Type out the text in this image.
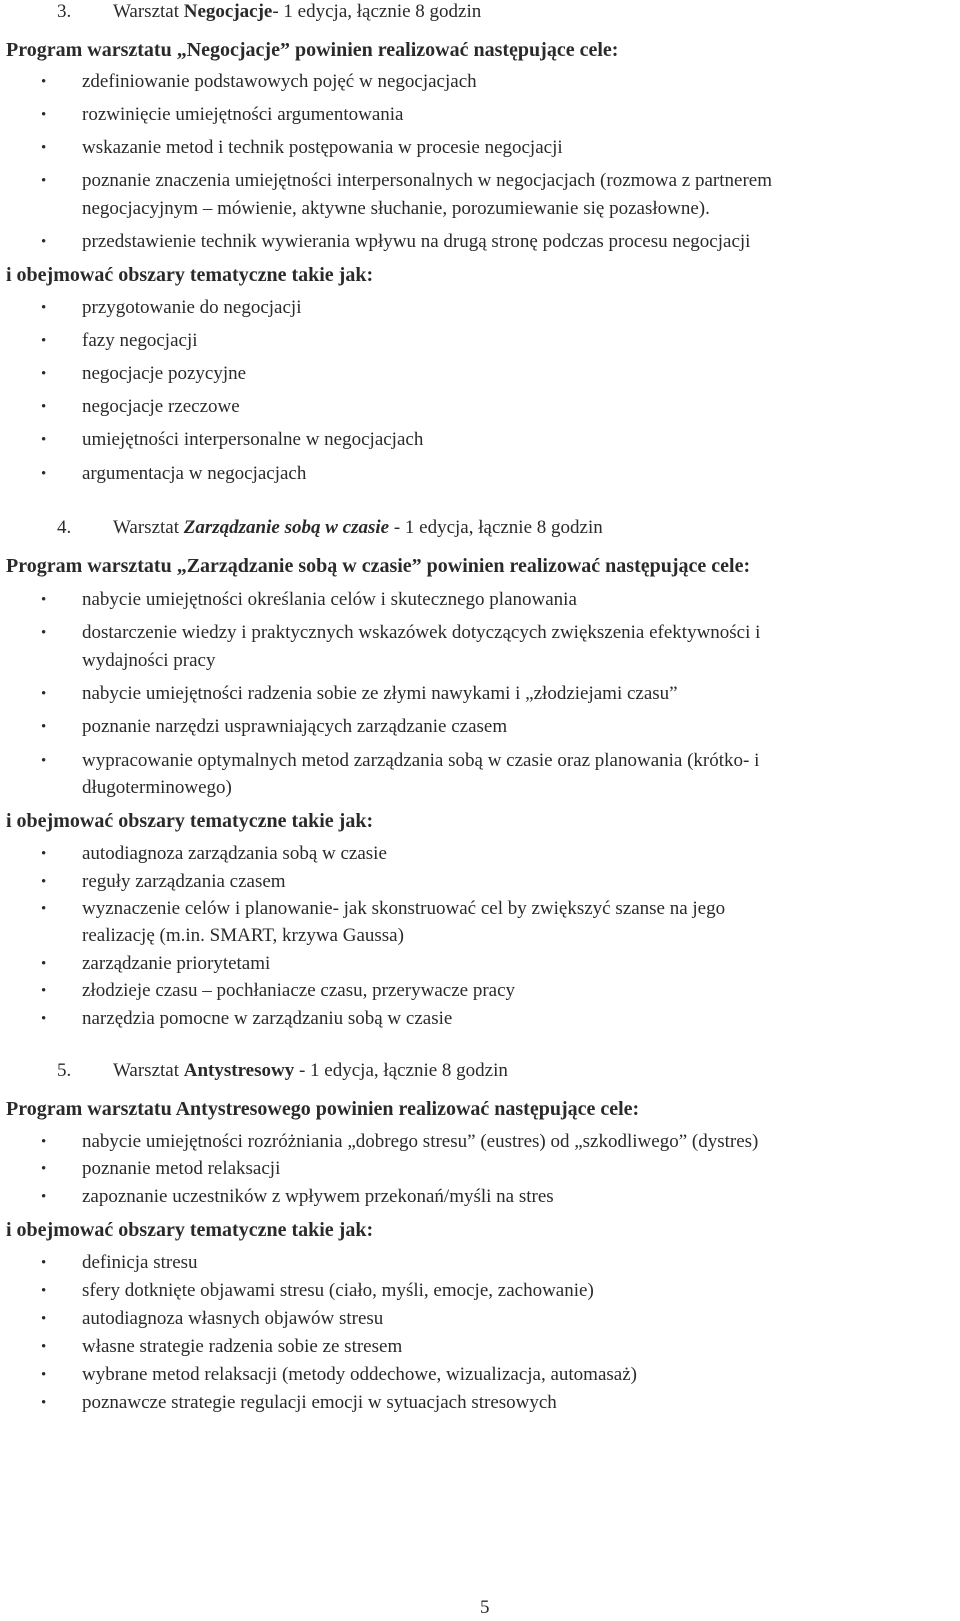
3. Warsztat Negocjacje- 1 edycja, łącznie 8 godzin
Program warsztatu „Negocjacje” powinien realizować następujące cele:
• zdefiniowanie podstawowych pojęć w negocjacjach
• rozwinięcie umiejętności argumentowania
• wskazanie metod i technik postępowania w procesie negocjacji
• poznanie znaczenia umiejętności interpersonalnych w negocjacjach (rozmowa z partnerem
negocjacyjnym – mówienie, aktywne słuchanie, porozumiewanie się pozasłowne).
• przedstawienie technik wywierania wpływu na drugą stronę podczas procesu negocjacji
i obejmować obszary tematyczne takie jak:
• przygotowanie do negocjacji
• fazy negocjacji
• negocjacje pozycyjne
• negocjacje rzeczowe
• umiejętności interpersonalne w negocjacjach
• argumentacja w negocjacjach
4. Warsztat Zarządzanie sobą w czasie - 1 edycja, łącznie 8 godzin
Program warsztatu „Zarządzanie sobą w czasie” powinien realizować następujące cele:
• nabycie umiejętności określania celów i skutecznego planowania
• dostarczenie wiedzy i praktycznych wskazówek dotyczących zwiększenia efektywności i
wydajności pracy
• nabycie umiejętności radzenia sobie ze złymi nawykami i „złodziejami czasu”
• poznanie narzędzi usprawniających zarządzanie czasem
• wypracowanie optymalnych metod zarządzania sobą w czasie oraz planowania (krótko- i
długoterminowego)
i obejmować obszary tematyczne takie jak:
• autodiagnoza zarządzania sobą w czasie
• reguły zarządzania czasem
• wyznaczenie celów i planowanie- jak skonstruować cel by zwiększyć szanse na jego
realizację (m.in. SMART, krzywa Gaussa)
• zarządzanie priorytetami
• złodzieje czasu – pochłaniacze czasu, przerywacze pracy
• narzędzia pomocne w zarządzaniu sobą w czasie
5. Warsztat Antystresowy - 1 edycja, łącznie 8 godzin
Program warsztatu Antystresowego powinien realizować następujące cele:
• nabycie umiejętności rozróżniania „dobrego stresu” (eustres) od „szkodliwego” (dystres)
• poznanie metod relaksacji
• zapoznanie uczestników z wpływem przekonań/myśli na stres
i obejmować obszary tematyczne takie jak:
• definicja stresu
• sfery dotknięte objawami stresu (ciało, myśli, emocje, zachowanie)
• autodiagnoza własnych objawów stresu
• własne strategie radzenia sobie ze stresem
• wybrane metod relaksacji (metody oddechowe, wizualizacja, automasaż)
• poznawcze strategie regulacji emocji w sytuacjach stresowych
5
